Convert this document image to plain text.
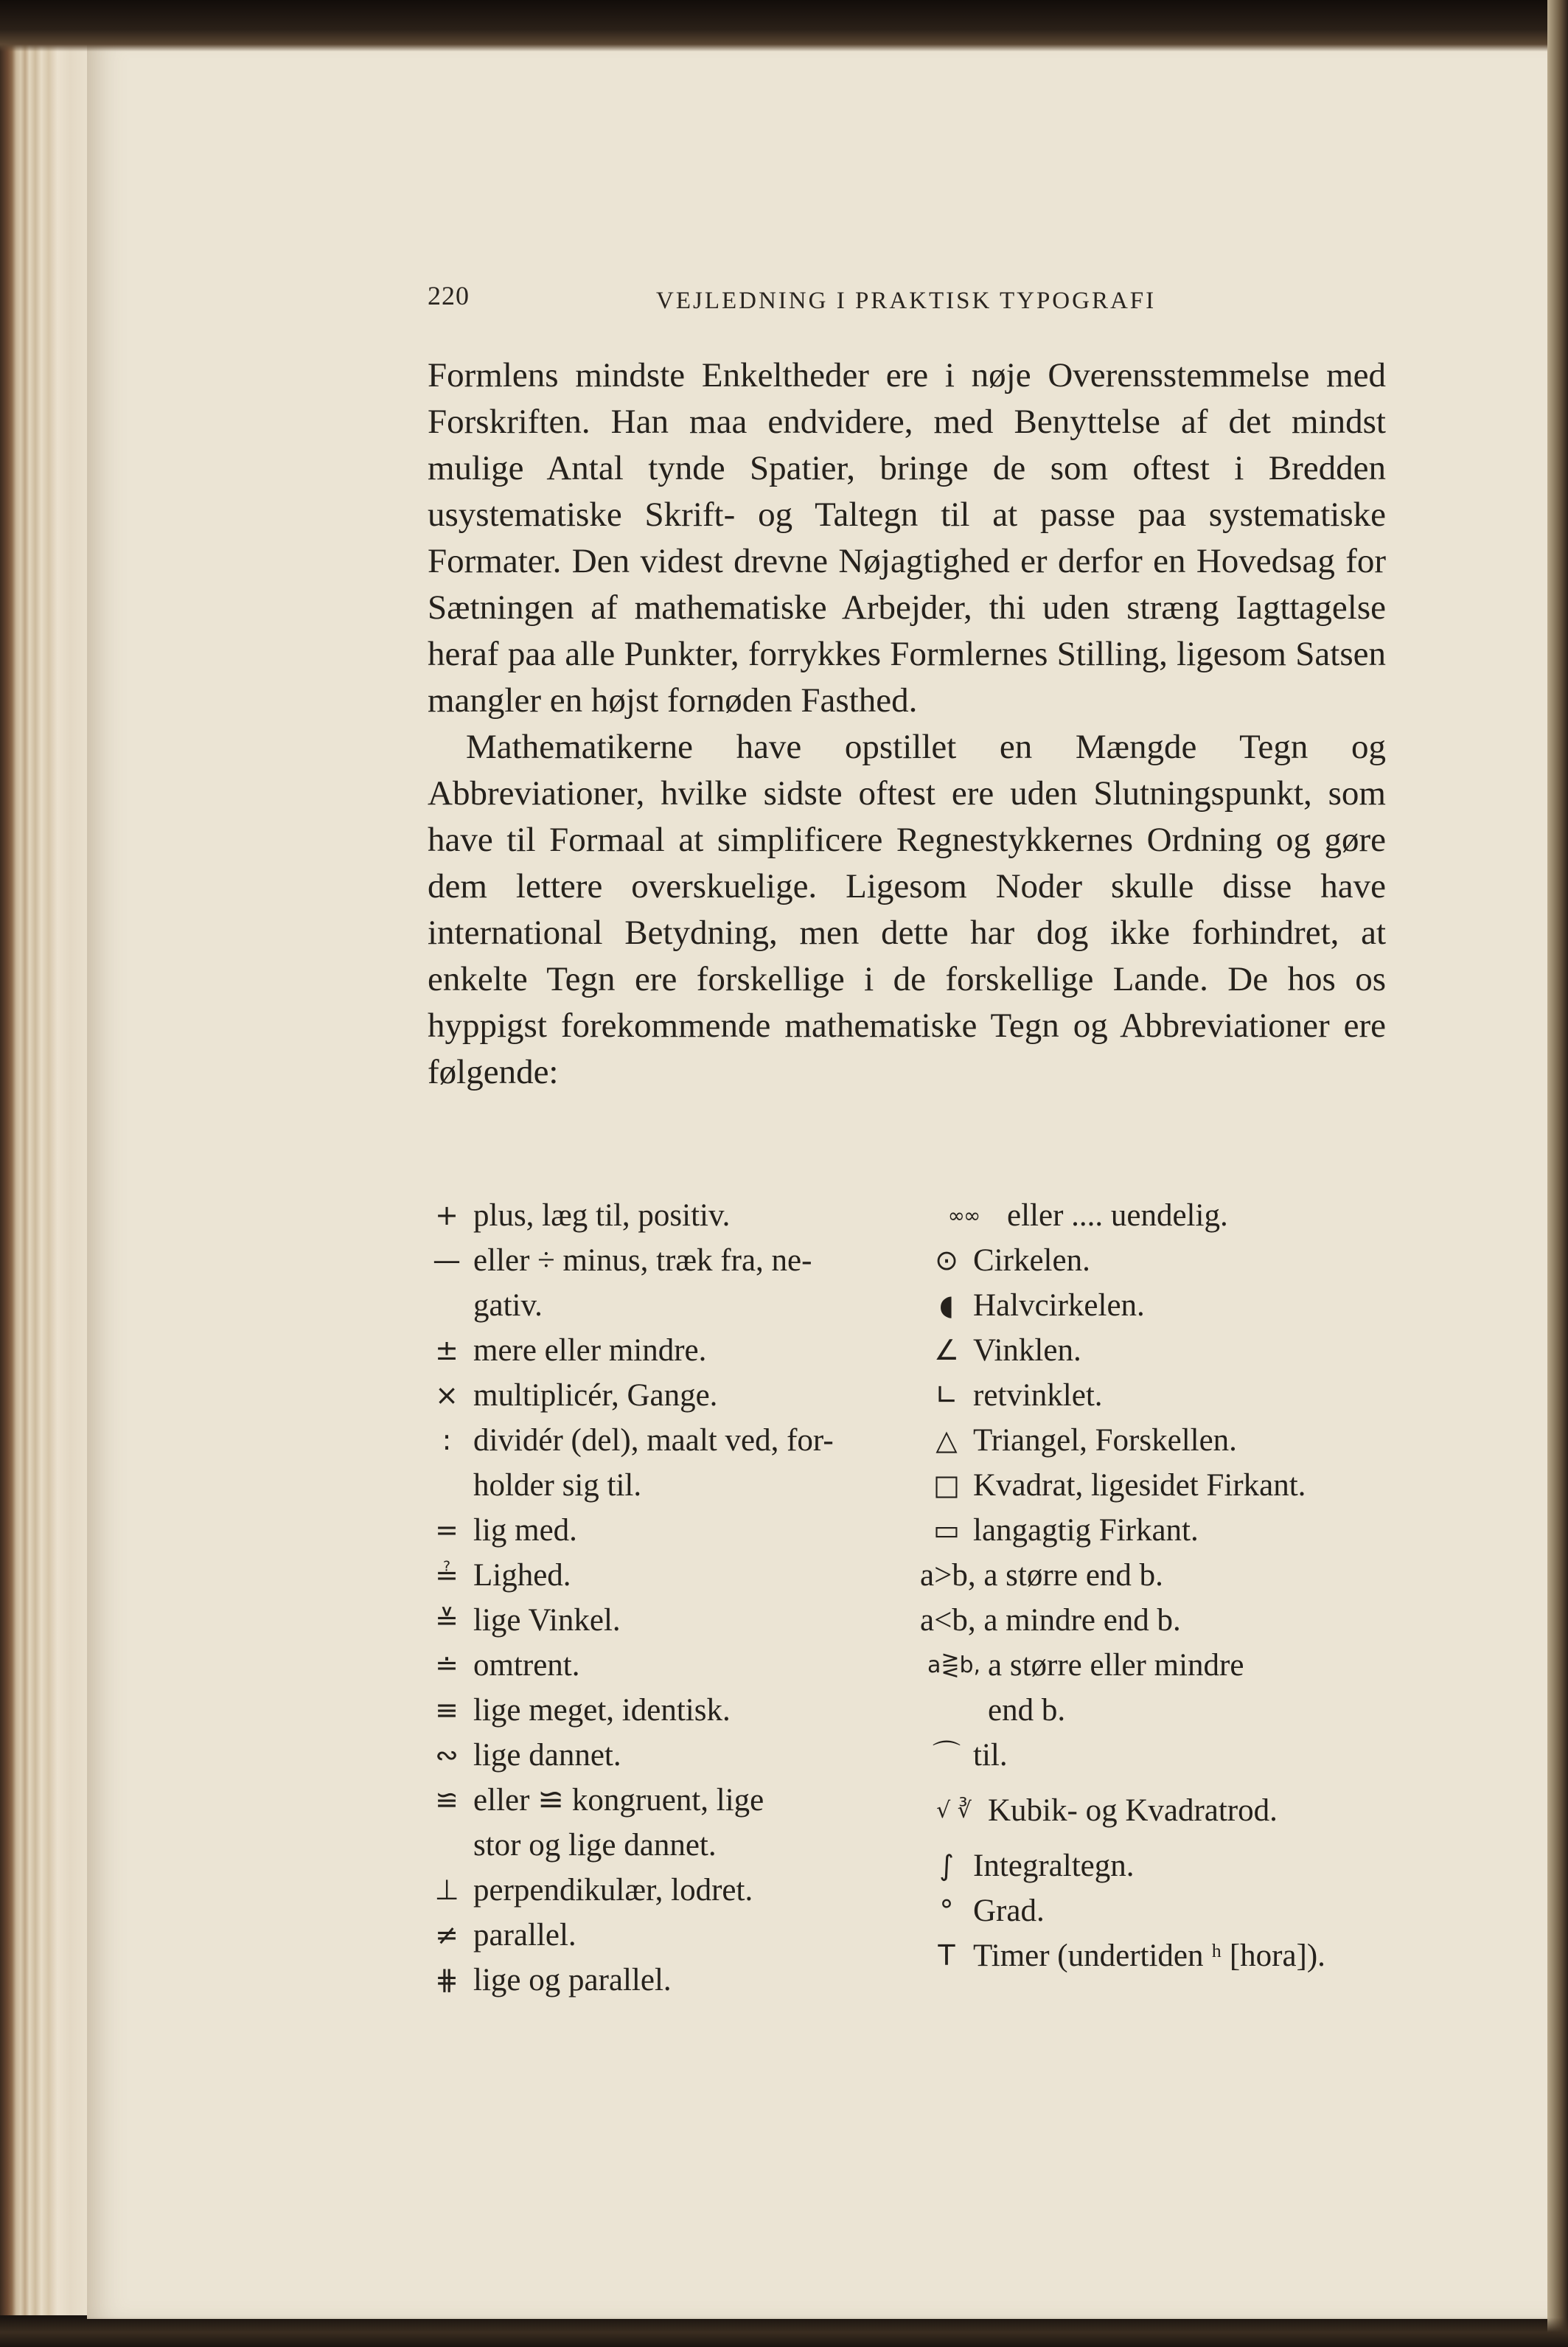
220	VEJLEDNING I PRAKTISK TYPOGRAFI

Formlens mindste Enkeltheder ere i nøje Overensstemmelse med Forskriften. Han maa endvidere, med Benyttelse af det mindst mulige Antal tynde Spatier, bringe de som oftest i Bredden usystematiske Skrift- og Taltegn til at passe paa systematiske Formater. Den videst drevne Nøjagtighed er derfor en Hovedsag for Sætningen af mathematiske Arbejder, thi uden stræng Iagttagelse heraf paa alle Punkter, forrykkes Formlernes Stilling, ligesom Satsen mangler en højst fornøden Fasthed.

Mathematikerne have opstillet en Mængde Tegn og Abbreviationer, hvilke sidste oftest ere uden Slutningspunkt, som have til Formaal at simplificere Regnestykkernes Ordning og gøre dem lettere overskuelige. Ligesom Noder skulle disse have international Betydning, men dette har dog ikke forhindret, at enkelte Tegn ere forskellige i de forskellige Lande. De hos os hyppigst forekommende mathematiske Tegn og Abbreviationer ere følgende:

+ plus, læg til, positiv.
— eller ÷ minus, træk fra, ne-
gativ.
± mere eller mindre.
× multiplicér, Gange.
: dividér (del), maalt ved, for-
holder sig til.
= lig med.
≟ Lighed.
≚ lige Vinkel.
≐ omtrent.
≡ lige meget, identisk.
∾ lige dannet.
≌ eller ≌ kongruent, lige
stor og lige dannet.
⊥ perpendikulær, lodret.
≠ parallel.
⋕ lige og parallel.
∞∞ eller .... uendelig.
⊙ Cirkelen.
◖ Halvcirkelen.
∠ Vinklen.
∟ retvinklet.
△ Triangel, Forskellen.
□ Kvadrat, ligesidet Firkant.
▭ langagtig Firkant.
a>b, a større end b.
a<b, a mindre end b.
a⋛b, a større eller mindre
end b.
⌒ til.
√ ∛ Kubik- og Kvadratrod.
∫ Integraltegn.
° Grad.
T Timer (undertiden ʰ [hora]).
